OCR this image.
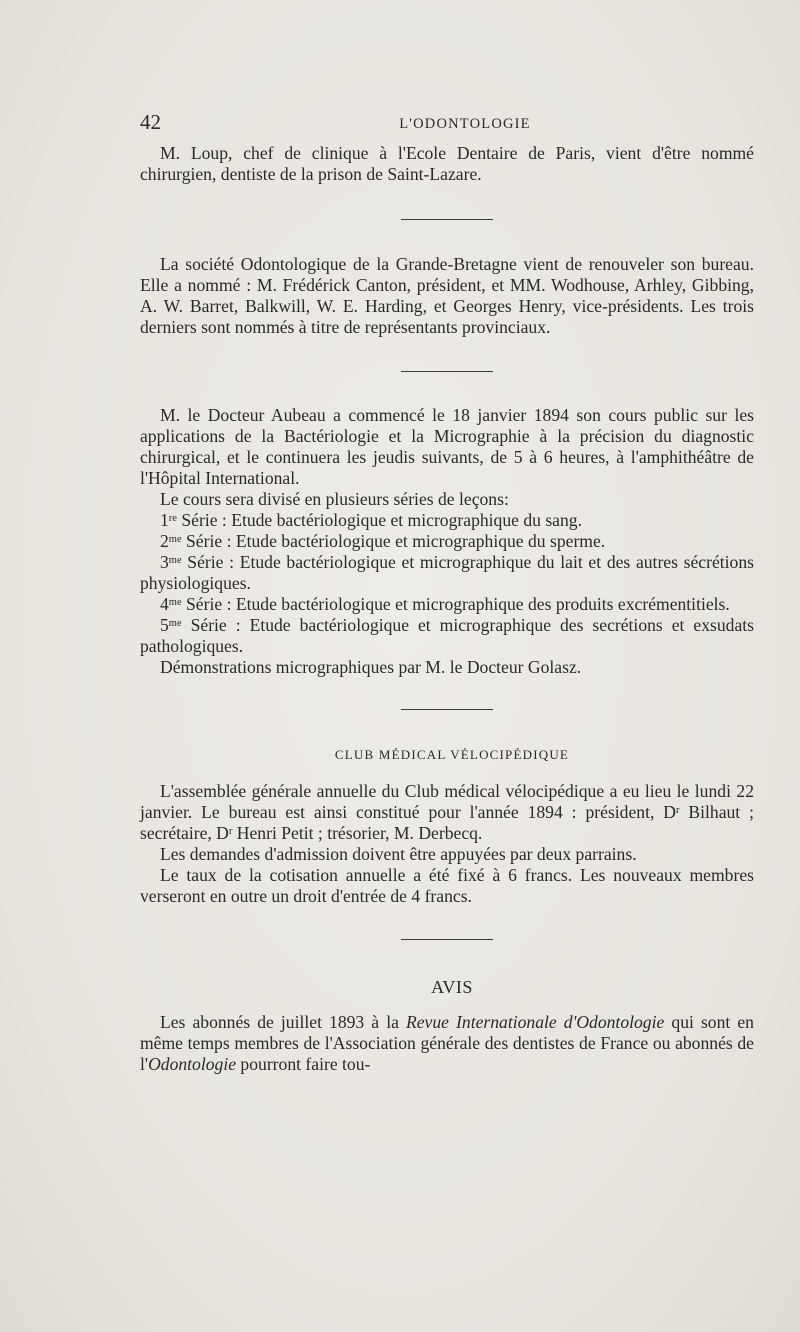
42	L'ODONTOLOGIE

M. Loup, chef de clinique à l'Ecole Dentaire de Paris, vient d'être nommé chirurgien, dentiste de la prison de Saint-Lazare.

La société Odontologique de la Grande-Bretagne vient de renouveler son bureau. Elle a nommé : M. Frédérick Canton, président, et MM. Wodhouse, Arhley, Gibbing, A. W. Barret, Balkwill, W. E. Harding, et Georges Henry, vice-présidents. Les trois derniers sont nommés à titre de représentants provinciaux.

M. le Docteur Aubeau a commencé le 18 janvier 1894 son cours public sur les applications de la Bactériologie et la Micrographie à la précision du diagnostic chirurgical, et le continuera les jeudis suivants, de 5 à 6 heures, à l'amphithéâtre de l'Hôpital International.

Le cours sera divisé en plusieurs séries de leçons:

1re Série : Etude bactériologique et micrographique du sang.

$2^{me}$ Série : Etude bactériologique et micrographique du sperme.

$3^{me}$ Série : Etude bactériologique et micrographique du lait et des autres sécrétions physiologiques.

$4^{me}$ Série : Etude bactériologique et micrographique des produits excrémentitiels.

$5^{me}$ Série : Etude bactériologique et micrographique des secrétions et exsudats pathologiques.

Démonstrations micrographiques par M. le Docteur Golasz.

CLUB MÉDICAL VÉLOCIPÉDIQUE

L'assemblée générale annuelle du Club médical vélocipédique a eu lieu le lundi 22 janvier. Le bureau est ainsi constitué pour l'année 1894 : président, $D^r$ Bilhaut ; secrétaire, $D^r$ Henri Petit ; trésorier, M. Derbecq.

Les demandes d'admission doivent être appuyées par deux parrains.

Le taux de la cotisation annuelle a été fixé à 6 francs. Les nouveaux membres verseront en outre un droit d'entrée de 4 francs.

AVIS

Les abonnés de juillet 1893 à la Revue Internationale d'Odontologie qui sont en même temps membres de l'Association générale des dentistes de France ou abonnés de l'Odontologie pourront faire tou-
